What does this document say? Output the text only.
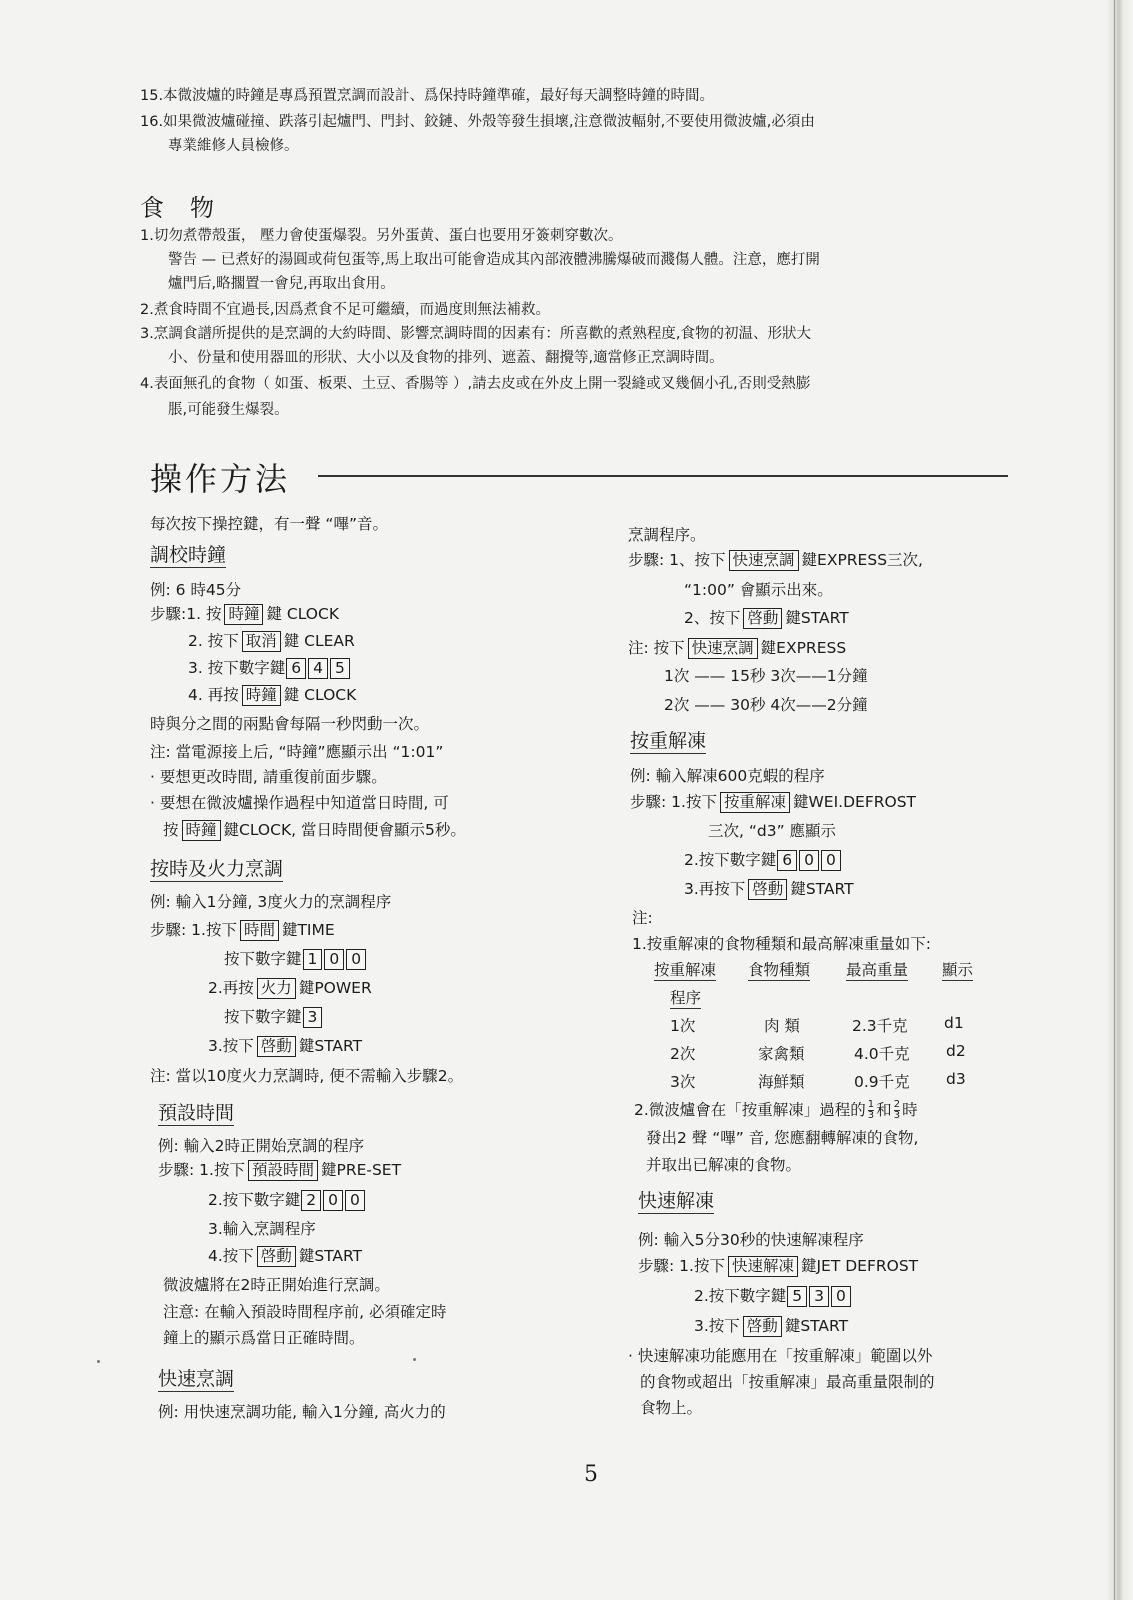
15.本微波爐的時鐘是專爲預置烹調而設計、爲保持時鐘準確，最好每天調整時鐘的時間。
16.如果微波爐碰撞、跌落引起爐門、門封、鉸鏈、外殼等發生損壞,注意微波輻射,不要使用微波爐,必須由
專業維修人員檢修。
食物
1.切勿煮帶殼蛋， 壓力會使蛋爆裂。另外蛋黄、蛋白也要用牙簽刺穿數次。
警告 — 已煮好的湯圓或荷包蛋等,馬上取出可能會造成其內部液體沸騰爆破而濺傷人體。注意，應打開
爐門后,略擱置一會兒,再取出食用。
2.煮食時間不宜過長,因爲煮食不足可繼續，而過度則無法補救。
3.烹調食譜所提供的是烹調的大約時間、影響烹調時間的因素有：所喜歡的煮熟程度,食物的初温、形狀大
小、份量和使用器皿的形狀、大小以及食物的排列、遮蓋、翻攪等,適當修正烹調時間。
4.表面無孔的食物（ 如蛋、板栗、土豆、香腸等 ）,請去皮或在外皮上開一裂縫或叉幾個小孔,否則受熱膨
脹,可能發生爆裂。
操作方法
每次按下操控鍵，有一聲 “嗶”音。
調校時鐘
例: 6 時45分
步驟:1. 按 時鐘 鍵 CLOCK
2. 按下 取消 鍵 CLEAR
3. 按下數字鍵 6 4 5
4. 再按 時鐘 鍵 CLOCK
時與分之間的兩點會每隔一秒閃動一次。
注: 當電源接上后, “時鐘”應顯示出 “1:01”
· 要想更改時間, 請重復前面步驟。
· 要想在微波爐操作過程中知道當日時間, 可
按 時鐘 鍵CLOCK, 當日時間便會顯示5秒。
按時及火力烹調
例: 輸入1分鐘, 3度火力的烹調程序
步驟: 1.按下 時間 鍵TIME
按下數字鍵 1 0 0
2.再按 火力 鍵POWER
按下數字鍵 3
3.按下 啓動 鍵START
注: 當以10度火力烹調時, 便不需輸入步驟2。
預設時間
例: 輸入2時正開始烹調的程序
步驟: 1.按下 預設時間 鍵PRE-SET
2.按下數字鍵 2 0 0
3.輸入烹調程序
4.按下 啓動 鍵START
微波爐將在2時正開始進行烹調。
注意: 在輸入預設時間程序前, 必須確定時
鐘上的顯示爲當日正確時間。
快速烹調
例: 用快速烹調功能, 輸入1分鐘, 高火力的
烹調程序。
步驟: 1、按下 快速烹調 鍵EXPRESS三次,
“1:00” 會顯示出來。
2、按下 啓動 鍵START
注: 按下 快速烹調 鍵EXPRESS
1次 —— 15秒 3次——1分鐘
2次 —— 30秒 4次——2分鐘
按重解凍
例: 輸入解凍600克蝦的程序
步驟: 1.按下 按重解凍 鍵WEI.DEFROST
三次, “d3” 應顯示
2.按下數字鍵 6 0 0
3.再按下 啓動 鍵START
注:
1.按重解凍的食物種類和最高解凍重量如下:
按重解凍 食物種類 最高重量 顯示
程序
1次	肉 類	2.3千克 d1
2次	家禽類	4.0千克 d2
3次	海鮮類	0.9千克 d3
2.微波爐會在「按重解凍」過程的 $\frac{1}{3}$ 和 $\frac{2}{3}$ 時
發出2 聲 “嗶” 音, 您應翻轉解凍的食物,
并取出已解凍的食物。
快速解凍
例: 輸入5分30秒的快速解凍程序
步驟: 1.按下 快速解凍 鍵JET DEFROST
2.按下數字鍵 5 3 0
3.按下 啓動 鍵START
· 快速解凍功能應用在「按重解凍」範圍以外
的食物或超出「按重解凍」最高重量限制的
食物上。
5
